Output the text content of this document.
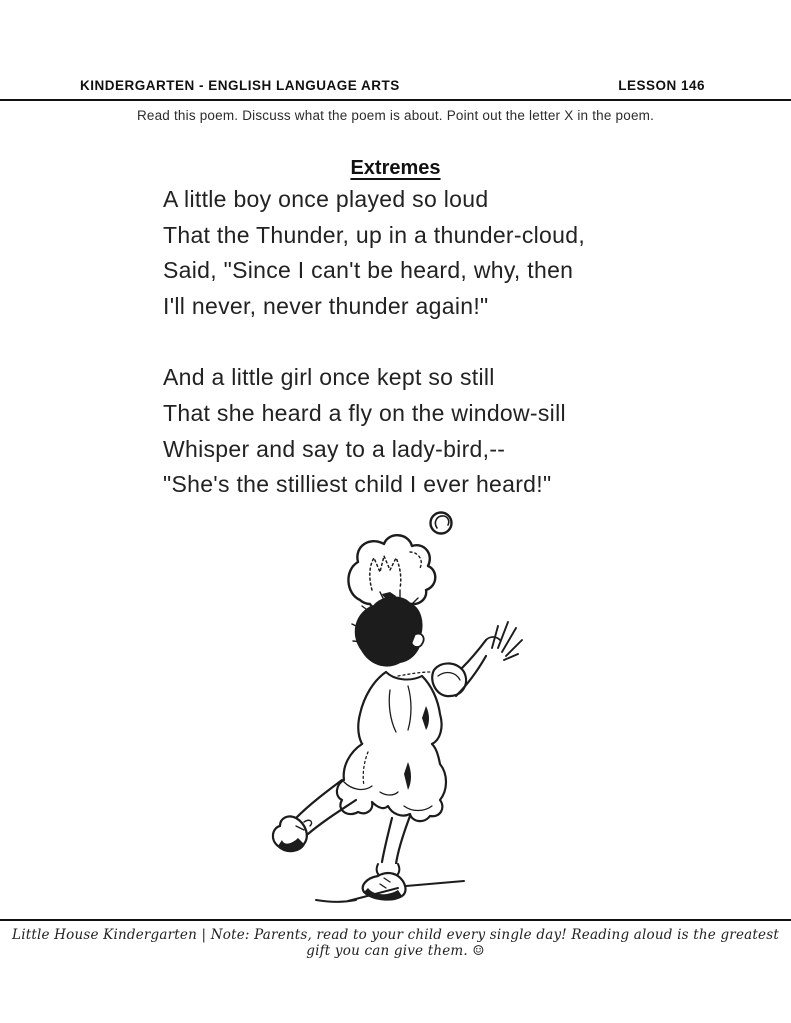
KINDERGARTEN - ENGLISH LANGUAGE ARTS	LESSON 146
Read this poem. Discuss what the poem is about. Point out the letter X in the poem.
Extremes

A little boy once played so loud

That the Thunder, up in a thunder-cloud,

Said, "Since I can't be heard, why, then

I'll never, never thunder again!"

And a little girl once kept so still

That she heard a fly on the window-sill

Whisper and say to a lady-bird,--

"She's the stilliest child I ever heard!"

Little House Kindergarten | Note: Parents, read to your child every single day! Reading aloud is the greatest gift you can give them. ☺
